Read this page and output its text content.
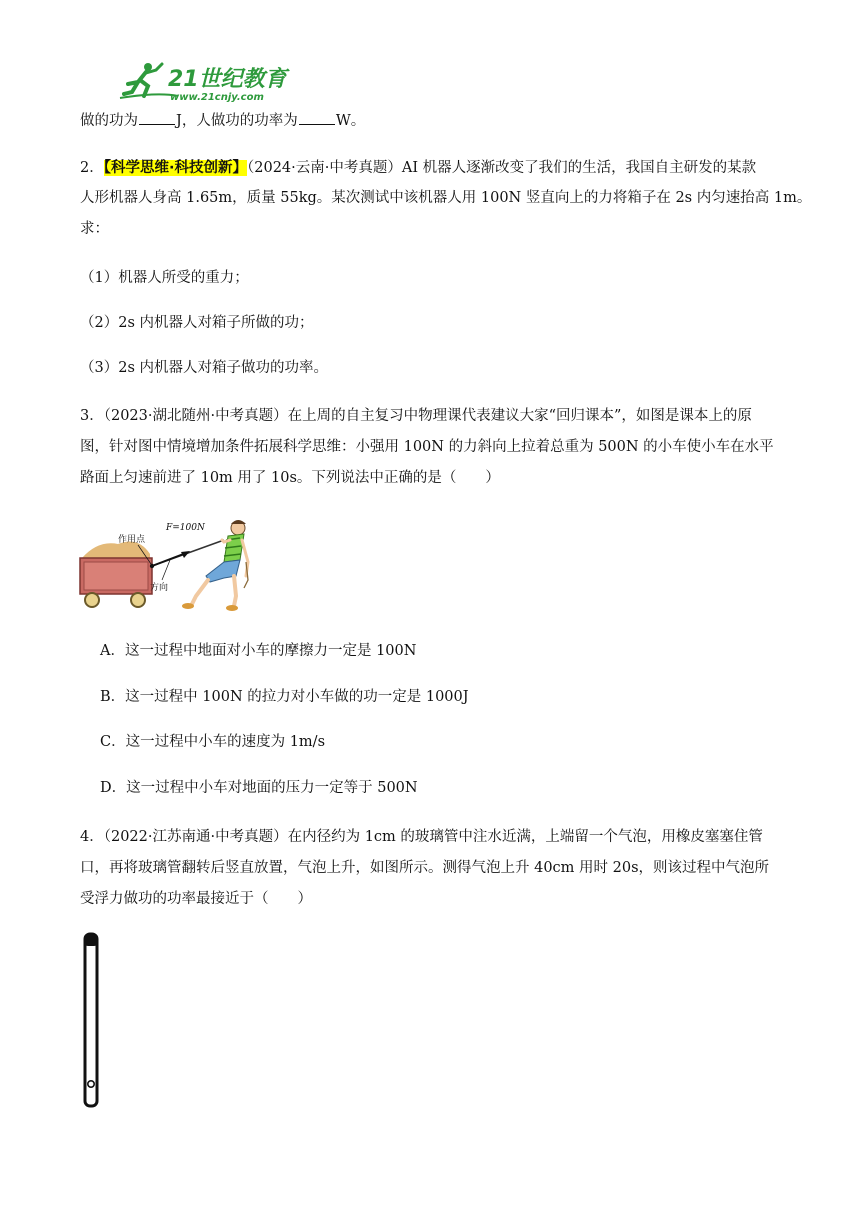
21世纪教育
www.21cnjy.com
做的功为	J，人做功的功率为	W。
2．【科学思维·科技创新】（2024·云南·中考真题）AI 机器人逐渐改变了我们的生活，我国自主研发的某款
人形机器人身高 1.65m，质量 55kg。某次测试中该机器人用 100N 竖直向上的力将箱子在 2s 内匀速抬高 1m。
求：
（1）机器人所受的重力；
（2）2s 内机器人对箱子所做的功；
（3）2s 内机器人对箱子做功的功率。
3．（2023·湖北随州·中考真题）在上周的自主复习中物理课代表建议大家“回归课本”，如图是课本上的原
图，针对图中情境增加条件拓展科学思维：小强用 100N 的力斜向上拉着总重为 500N 的小车使小车在水平
路面上匀速前进了 10m 用了 10s。下列说法中正确的是（　　）
作用点
F=100N
方向
A．这一过程中地面对小车的摩擦力一定是 100N
B．这一过程中 100N 的拉力对小车做的功一定是 1000J
C．这一过程中小车的速度为 1m/s
D．这一过程中小车对地面的压力一定等于 500N
4．（2022·江苏南通·中考真题）在内径约为 1cm 的玻璃管中注水近满，上端留一个气泡，用橡皮塞塞住管
口，再将玻璃管翻转后竖直放置，气泡上升，如图所示。测得气泡上升 40cm 用时 20s，则该过程中气泡所
受浮力做功的功率最接近于（　　）
